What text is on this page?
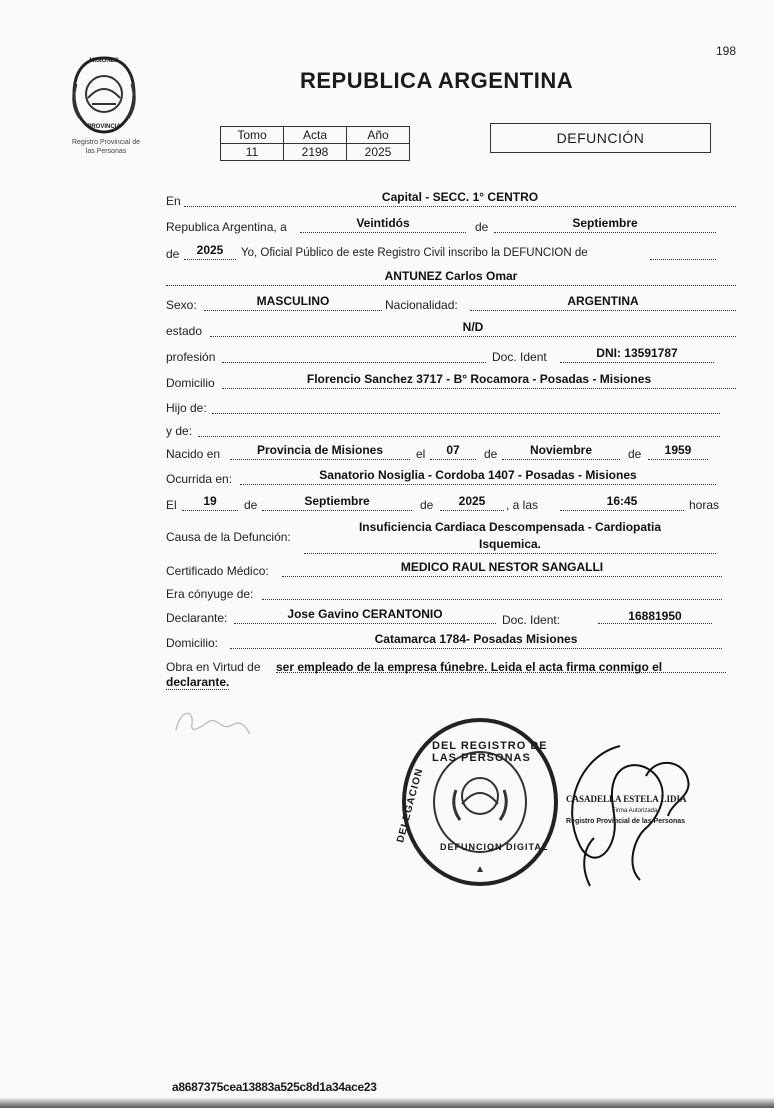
198
MISIONES
PROVINCIA
Registro Provincial de
las Personas
REPUBLICA ARGENTINA
Tomo	Acta	Año
11	2198	2025
DEFUNCIÓN
En	Capital - SECC. 1° CENTRO
Republica Argentina, a	Veintidós	de	Septiembre
de	2025	Yo, Oficial Público de este Registro Civil inscribo la DEFUNCION de
ANTUNEZ Carlos Omar
Sexo:	MASCULINO	Nacionalidad:	ARGENTINA
estado	N/D
profesión	Doc. Ident	DNI: 13591787
Domicilio	Florencio Sanchez 3717 - B° Rocamora - Posadas - Misiones
Hijo de:
y de:
Nacido en	Provincia de Misiones	el	07	de	Noviembre	de	1959
Ocurrida en:	Sanatorio Nosiglia - Cordoba 1407 - Posadas - Misiones
El	19	de	Septiembre	de	2025	, a las	16:45	horas
Causa de la Defunción:
Insuficiencia Cardiaca Descompensada - Cardiopatia
Isquemica.
Certificado Médico:	MEDICO RAUL NESTOR SANGALLI
Era cónyuge de:
Declarante:	Jose Gavino CERANTONIO	Doc. Ident:	16881950
Domicilio:	Catamarca 1784- Posadas Misiones
Obra en Virtud de ser empleado de la empresa fúnebre. Leida el acta firma conmigo el
declarante.
DEL REGISTRO DE LAS PERSONAS
DELEGACION
DEFUNCION DIGITAL
CASADELLA ESTELA LIDIA
Firma Autorizada
Registro Provincial de las Personas
a8687375cea13883a525c8d1a34ace23
